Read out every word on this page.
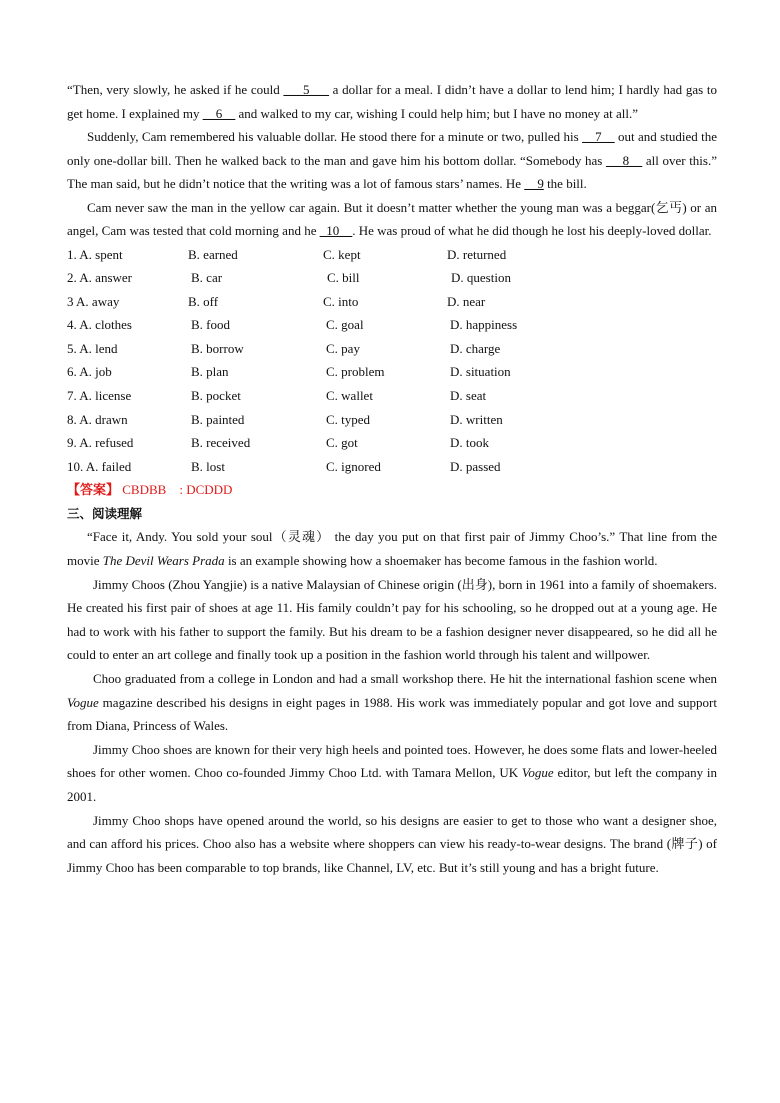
“Then, very slowly, he asked if he could ___5___ a dollar for a meal. I didn’t have a dollar to lend him; I hardly had gas to get home. I explained my __6__ and walked to my car, wishing I could help him; but I have no money at all.”

Suddenly, Cam remembered his valuable dollar. He stood there for a minute or two, pulled his __7__ out and studied the only one-dollar bill. Then he walked back to the man and gave him his bottom dollar. “Somebody has __ 8__ all over this.” The man said, but he didn’t notice that the writing was a lot of famous stars’ names. He __9 the bill.

Cam never saw the man in the yellow car again. But it doesn’t matter whether the young man was a beggar(乞丐) or an angel, Cam was tested that cold morning and he _10__. He was proud of what he did though he lost his deeply-loved dollar.

1. A. spent	B. earned	C. kept	D. returned
2. A. answer	B. car	C. bill	D. question
3 A. away	B. off	C. into	D. near
4. A. clothes	B. food	C. goal	D. happiness
5. A. lend	B. borrow	C. pay	D. charge
6. A. job	B. plan	C. problem	D. situation
7. A. license	B. pocket	C. wallet	D. seat
8. A. drawn	B. painted	C. typed	D. written
9. A. refused	B. received	C. got	D. took
10. A. failed	B. lost	C. ignored	D. passed
【答案】 CBDBB　: DCDDD
三、阅读理解

“Face it, Andy. You sold your soul（灵魂） the day you put on that first pair of Jimmy Choo’s.” That line from the movie The Devil Wears Prada is an example showing how a shoemaker has become famous in the fashion world.

Jimmy Choos (Zhou Yangjie) is a native Malaysian of Chinese origin (出身), born in 1961 into a family of shoemakers. He created his first pair of shoes at age 11. His family couldn’t pay for his schooling, so he dropped out at a young age. He had to work with his father to support the family. But his dream to be a fashion designer never disappeared, so he did all he could to enter an art college and finally took up a position in the fashion world through his talent and willpower.

Choo graduated from a college in London and had a small workshop there. He hit the international fashion scene when Vogue magazine described his designs in eight pages in 1988. His work was immediately popular and got love and support from Diana, Princess of Wales.

Jimmy Choo shoes are known for their very high heels and pointed toes. However, he does some flats and lower-heeled shoes for other women. Choo co-founded Jimmy Choo Ltd. with Tamara Mellon, UK Vogue editor, but left the company in 2001.

Jimmy Choo shops have opened around the world, so his designs are easier to get to those who want a designer shoe, and can afford his prices. Choo also has a website where shoppers can view his ready-to-wear designs. The brand (牌子) of Jimmy Choo has been comparable to top brands, like Channel, LV, etc. But it’s still young and has a bright future.
